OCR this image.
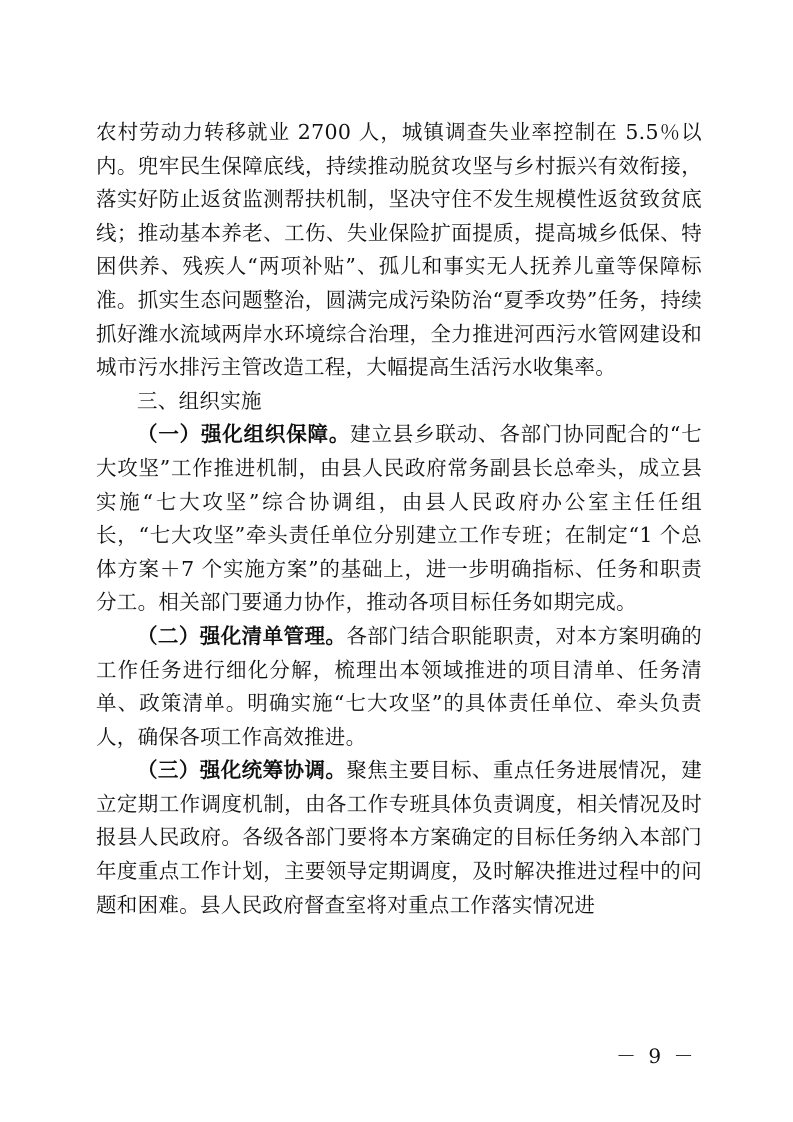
农村劳动力转移就业 2700 人，城镇调查失业率控制在 5.5％以内。兜牢民生保障底线，持续推动脱贫攻坚与乡村振兴有效衔接，落实好防止返贫监测帮扶机制，坚决守住不发生规模性返贫致贫底线；推动基本养老、工伤、失业保险扩面提质，提高城乡低保、特困供养、残疾人“两项补贴”、孤儿和事实无人抚养儿童等保障标准。抓实生态问题整治，圆满完成污染防治“夏季攻势”任务，持续抓好潍水流域两岸水环境综合治理，全力推进河西污水管网建设和城市污水排污主管改造工程，大幅提高生活污水收集率。

三、组织实施

（一）强化组织保障。建立县乡联动、各部门协同配合的“七大攻坚”工作推进机制，由县人民政府常务副县长总牵头，成立县实施“七大攻坚”综合协调组，由县人民政府办公室主任任组长，“七大攻坚”牵头责任单位分别建立工作专班；在制定“1 个总体方案＋7 个实施方案”的基础上，进一步明确指标、任务和职责分工。相关部门要通力协作，推动各项目标任务如期完成。

（二）强化清单管理。各部门结合职能职责，对本方案明确的工作任务进行细化分解，梳理出本领域推进的项目清单、任务清单、政策清单。明确实施“七大攻坚”的具体责任单位、牵头负责人，确保各项工作高效推进。

（三）强化统筹协调。聚焦主要目标、重点任务进展情况，建立定期工作调度机制，由各工作专班具体负责调度，相关情况及时报县人民政府。各级各部门要将本方案确定的目标任务纳入本部门年度重点工作计划，主要领导定期调度，及时解决推进过程中的问题和困难。县人民政府督查室将对重点工作落实情况进

－ 9 －
